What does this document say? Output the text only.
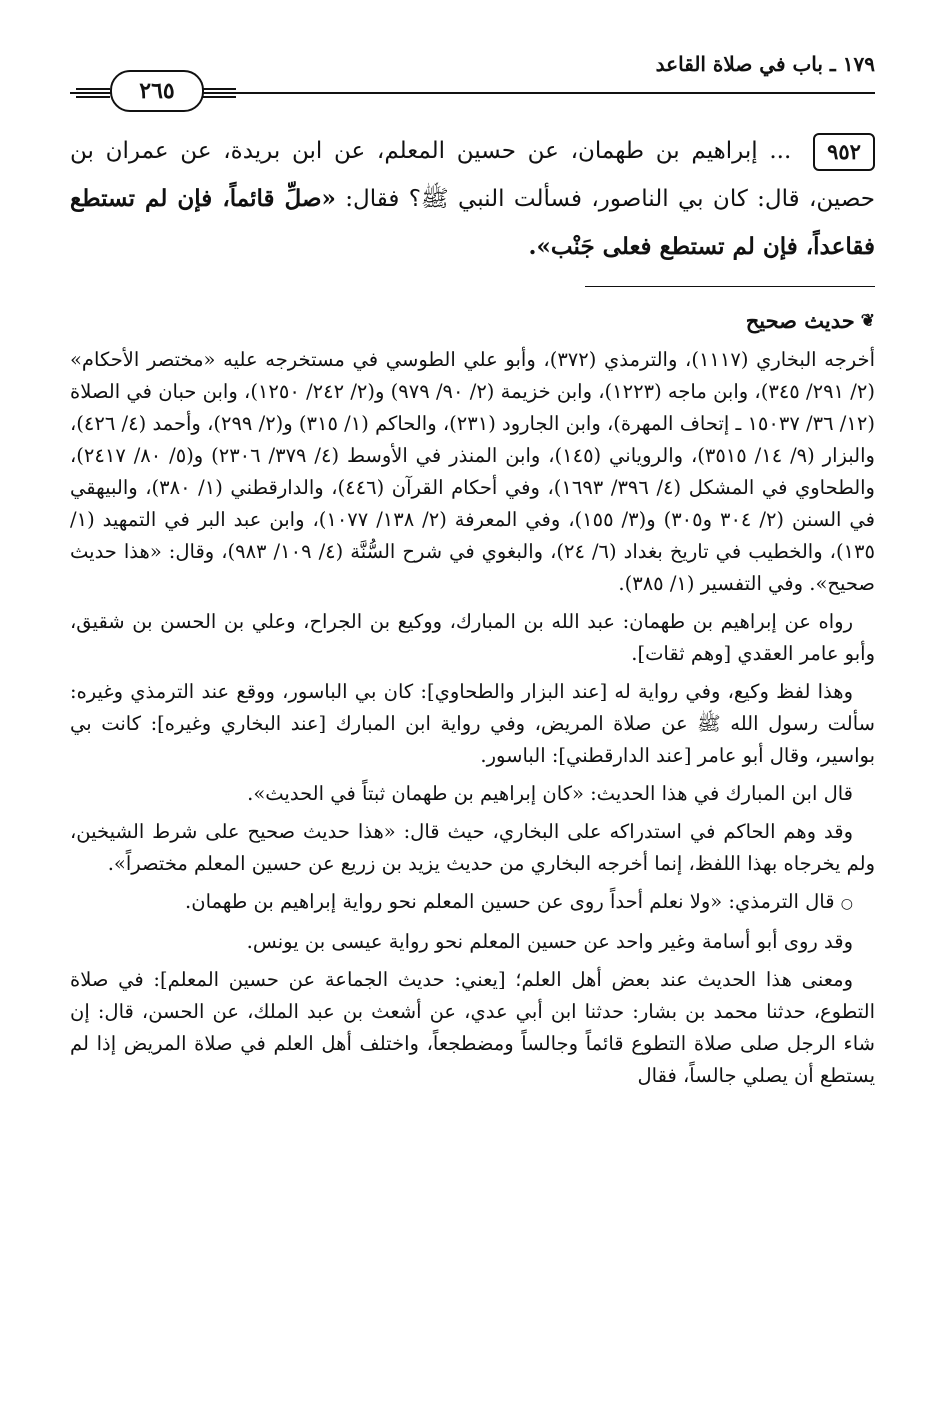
١٧٩ ـ باب في صلاة القاعد
٢٦٥
٩٥٢ ... إبراهيم بن طهمان، عن حسين المعلم، عن ابن بريدة، عن عمران بن حصين، قال: كان بي الناصور، فسألت النبي ﷺ؟ فقال: «صلِّ قائماً، فإن لم تستطع فقاعداً، فإن لم تستطع فعلى جَنْب».
❦
حديث صحيح

أخرجه البخاري (١١١٧)، والترمذي (٣٧٢)، وأبو علي الطوسي في مستخرجه عليه «مختصر الأحكام» (٢/ ٢٩١/ ٣٤٥)، وابن ماجه (١٢٢٣)، وابن خزيمة (٢/ ٩٠/ ٩٧٩) و(٢/ ٢٤٢/ ١٢٥٠)، وابن حبان في الصلاة (١٢/ ٣٦/ ١٥٠٣٧ ـ إتحاف المهرة)، وابن الجارود (٢٣١)، والحاكم (١/ ٣١٥) و(٢/ ٢٩٩)، وأحمد (٤/ ٤٢٦)، والبزار (٩/ ١٤/ ٣٥١٥)، والروياني (١٤٥)، وابن المنذر في الأوسط (٤/ ٣٧٩/ ٢٣٠٦) و(٥/ ٨٠/ ٢٤١٧)، والطحاوي في المشكل (٤/ ٣٩٦/ ١٦٩٣)، وفي أحكام القرآن (٤٤٦)، والدارقطني (١/ ٣٨٠)، والبيهقي في السنن (٢/ ٣٠٤ و٣٠٥) و(٣/ ١٥٥)، وفي المعرفة (٢/ ١٣٨/ ١٠٧٧)، وابن عبد البر في التمهيد (١/ ١٣٥)، والخطيب في تاريخ بغداد (٦/ ٢٤)، والبغوي في شرح السُّنَّة (٤/ ١٠٩/ ٩٨٣)، وقال: «هذا حديث صحيح». وفي التفسير (١/ ٣٨٥).

رواه عن إبراهيم بن طهمان: عبد الله بن المبارك، ووكيع بن الجراح، وعلي بن الحسن بن شقيق، وأبو عامر العقدي [وهم ثقات].

وهذا لفظ وكيع، وفي رواية له [عند البزار والطحاوي]: كان بي الباسور، ووقع عند الترمذي وغيره: سألت رسول الله ﷺ عن صلاة المريض، وفي رواية ابن المبارك [عند البخاري وغيره]: كانت بي بواسير، وقال أبو عامر [عند الدارقطني]: الباسور.

قال ابن المبارك في هذا الحديث: «كان إبراهيم بن طهمان ثبتاً في الحديث».

وقد وهم الحاكم في استدراكه على البخاري، حيث قال: «هذا حديث صحيح على شرط الشيخين، ولم يخرجاه بهذا اللفظ، إنما أخرجه البخاري من حديث يزيد بن زريع عن حسين المعلم مختصراً».

○ قال الترمذي: «ولا نعلم أحداً روى عن حسين المعلم نحو رواية إبراهيم بن طهمان.

وقد روى أبو أسامة وغير واحد عن حسين المعلم نحو رواية عيسى بن يونس.

ومعنى هذا الحديث عند بعض أهل العلم؛ [يعني: حديث الجماعة عن حسين المعلم]: في صلاة التطوع، حدثنا محمد بن بشار: حدثنا ابن أبي عدي، عن أشعث بن عبد الملك، عن الحسن، قال: إن شاء الرجل صلى صلاة التطوع قائماً وجالساً ومضطجعاً، واختلف أهل العلم في صلاة المريض إذا لم يستطع أن يصلي جالساً، فقال
